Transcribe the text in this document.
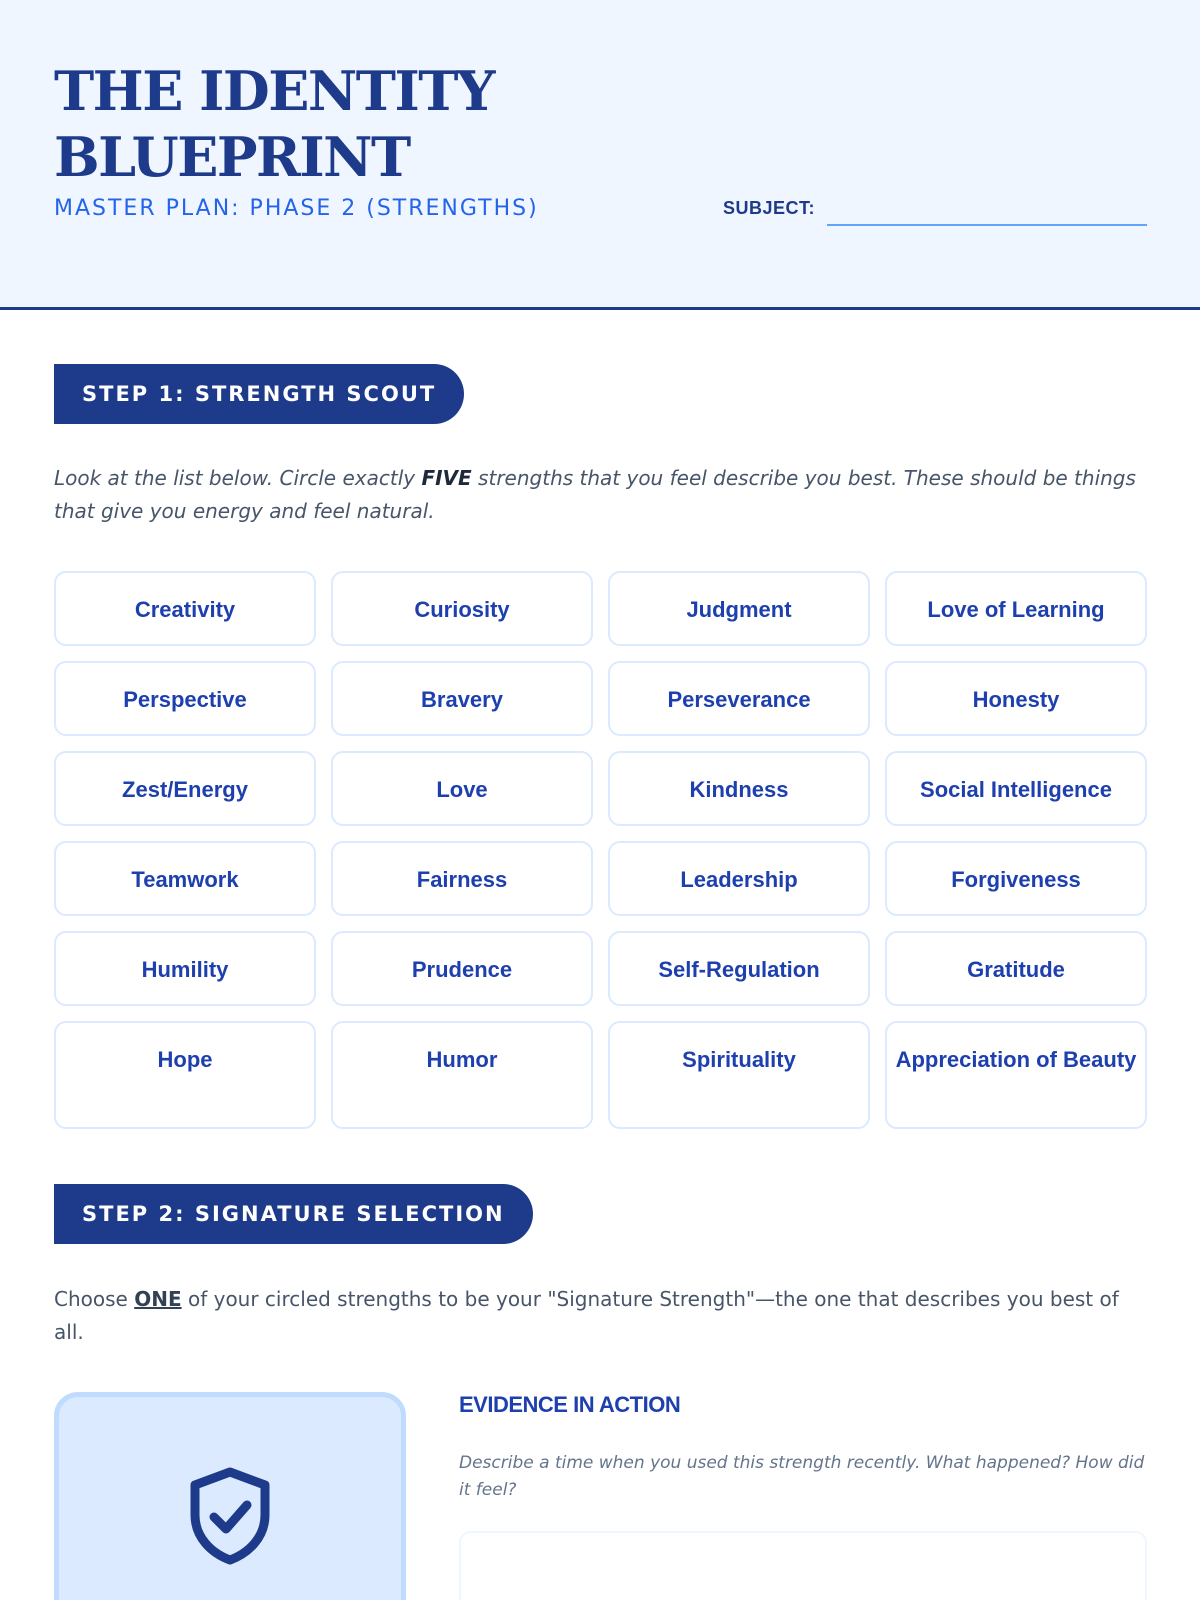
THE IDENTITY BLUEPRINT
MASTER PLAN: PHASE 2 (STRENGTHS)	SUBJECT:
STEP 1: STRENGTH SCOUT
Look at the list below. Circle exactly FIVE strengths that you feel describe you best. These should be things that give you energy and feel natural.
Creativity	Curiosity	Judgment	Love of Learning
Perspective	Bravery	Perseverance	Honesty
Zest/Energy	Love	Kindness	Social Intelligence
Teamwork	Fairness	Leadership	Forgiveness
Humility	Prudence	Self-Regulation	Gratitude
Hope	Humor	Spirituality	Appreciation of Beauty
STEP 2: SIGNATURE SELECTION
Choose ONE of your circled strengths to be your "Signature Strength"—the one that describes you best of all.
EVIDENCE IN ACTION
Describe a time when you used this strength recently. What happened? How did it feel?
